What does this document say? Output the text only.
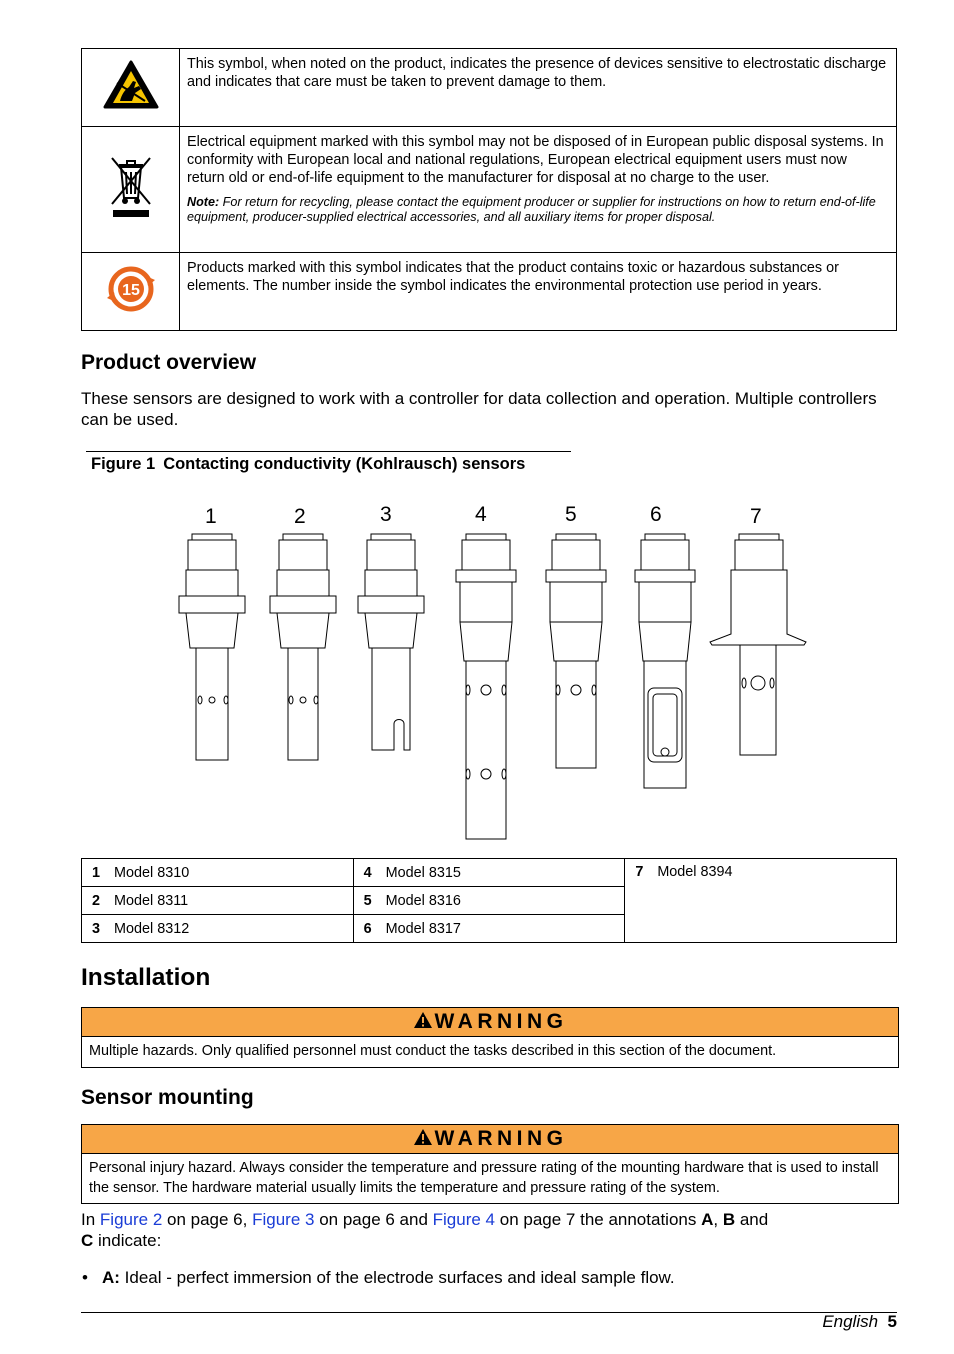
	This symbol, when noted on the product, indicates the presence of devices sensitive to electrostatic discharge and indicates that care must be taken to prevent damage to them.

Electrical equipment marked with this symbol may not be disposed of in European public disposal systems. In conformity with European local and national regulations, European electrical equipment users must now return old or end-of-life equipment to the manufacturer for disposal at no charge to the user.
Note: For return for recycling, please contact the equipment producer or supplier for instructions on how to return end-of-life equipment, producer-supplied electrical accessories, and all auxiliary items for proper disposal.

15	Products marked with this symbol indicates that the product contains toxic or hazardous substances or elements. The number inside the symbol indicates the environmental protection use period in years.
Product overview
These sensors are designed to work with a controller for data collection and operation. Multiple controllers can be used.
Figure 1 Contacting conductivity (Kohlrausch) sensors
1	2	3	4	5	6	7
1 Model 8310	4 Model 8315	7 Model 8394
2 Model 8311	5 Model 8316	
3 Model 8312	6 Model 8317	
Installation
WARNING
Multiple hazards. Only qualified personnel must conduct the tasks described in this section of the document.
Sensor mounting
WARNING
Personal injury hazard. Always consider the temperature and pressure rating of the mounting hardware that is used to install the sensor. The hardware material usually limits the temperature and pressure rating of the system.
In Figure 2 on page 6, Figure 3 on page 6 and Figure 4 on page 7 the annotations A, B and
C indicate:
• A: Ideal - perfect immersion of the electrode surfaces and ideal sample flow.
English 5
